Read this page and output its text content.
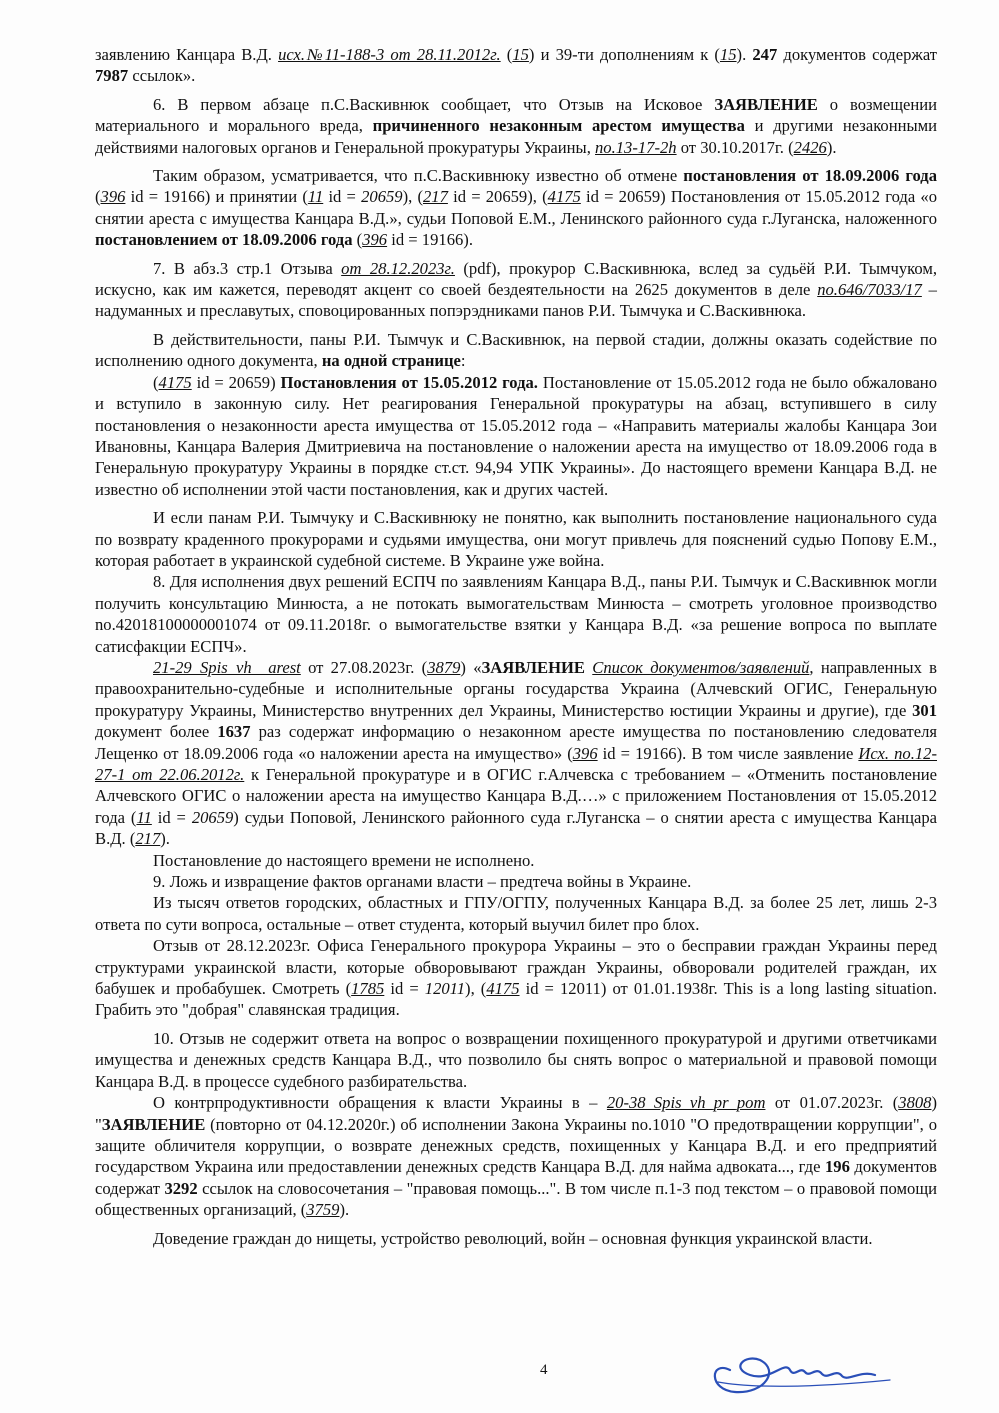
заявлению Канцара В.Д. исх.№11-188-3 от 28.11.2012г. (15) и 39-ти дополнениям к (15). 247 документов содержат 7987 ссылок».

6. В первом абзаце п.С.Васкивнюк сообщает, что Отзыв на Исковое ЗАЯВЛЕНИЕ о возмещении материального и морального вреда, причиненного незаконным арестом имущества и другими незаконными действиями налоговых органов и Генеральной прокуратуры Украины, по.13-17-2h от 30.10.2017г. (2426).

Таким образом, усматривается, что п.С.Васкивнюку известно об отмене постановления от 18.09.2006 года (396 id = 19166) и принятии (11 id = 20659), (217 id = 20659), (4175 id = 20659) Постановления от 15.05.2012 года «о снятии ареста с имущества Канцара В.Д.», судьи Поповой Е.М., Ленинского районного суда г.Луганска, наложенного постановлением от 18.09.2006 года (396 id = 19166).

7. В абз.3 стр.1 Отзыва от 28.12.2023г. (pdf), прокурор С.Васкивнюка, вслед за судьёй Р.И. Тымчуком, искусно, как им кажется, переводят акцент со своей бездеятельности на 2625 документов в деле по.646/7033/17 – надуманных и преславутых, сповоцированных попэрэдниками панов Р.И. Тымчука и С.Васкивнюка.

В действительности, паны Р.И. Тымчук и С.Васкивнюк, на первой стадии, должны оказать содействие по исполнению одного документа, на одной странице:

(4175 id = 20659) Постановления от 15.05.2012 года. Постановление от 15.05.2012 года не было обжаловано и вступило в законную силу. Нет реагирования Генеральной прокуратуры на абзац, вступившего в силу постановления о незаконности ареста имущества от 15.05.2012 года – «Направить материалы жалобы Канцара Зои Ивановны, Канцара Валерия Дмитриевича на постановление о наложении ареста на имущество от 18.09.2006 года в Генеральную прокуратуру Украины в порядке ст.ст. 94,94 УПК Украины». До настоящего времени Канцара В.Д. не известно об исполнении этой части постановления, как и других частей.

И если панам Р.И. Тымчуку и С.Васкивнюку не понятно, как выполнить постановление национального суда по возврату краденного прокурорами и судьями имущества, они могут привлечь для пояснений судью Попову Е.М., которая работает в украинской судебной системе. В Украине уже война.

8. Для исполнения двух решений ЕСПЧ по заявлениям Канцара В.Д., паны Р.И. Тымчук и С.Васкивнюк могли получить консультацию Минюста, а не потокать вымогательствам Минюста – смотреть уголовное производство no.42018100000001074 от 09.11.2018г. о вымогательстве взятки у Канцара В.Д. «за решение вопроса по выплате сатисфакции ЕСПЧ».

21-29_Spis_vh__arest от 27.08.2023г. (3879) «ЗАЯВЛЕНИЕ Список документов/заявлений, направленных в правоохранительно-судебные и исполнительные органы государства Украина (Алчевский ОГИС, Генеральную прокуратуру Украины, Министерство внутренних дел Украины, Министерство юстиции Украины и другие), где 301 документ более 1637 раз содержат информацию о незаконном аресте имущества по постановлению следователя Лещенко от 18.09.2006 года «о наложении ареста на имущество» (396 id = 19166). В том числе заявление Исх. по.12-27-1 от 22.06.2012г. к Генеральной прокуратуре и в ОГИС г.Алчевска с требованием – «Отменить постановление Алчевского ОГИС о наложении ареста на имущество Канцара В.Д.…» с приложением Постановления от 15.05.2012 года (11 id = 20659) судьи Поповой, Ленинского районного суда г.Луганска – о снятии ареста с имущества Канцара В.Д. (217).

Постановление до настоящего времени не исполнено.

9. Ложь и извращение фактов органами власти – предтеча войны в Украине.

Из тысяч ответов городских, областных и ГПУ/ОГПУ, полученных Канцара В.Д. за более 25 лет, лишь 2-3 ответа по сути вопроса, остальные – ответ студента, который выучил билет про блох.

Отзыв от 28.12.2023г. Офиса Генерального прокурора Украины – это о бесправии граждан Украины перед структурами украинской власти, которые обворовывают граждан Украины, обворовали родителей граждан, их бабушек и пробабушек. Смотреть (1785 id = 12011), (4175 id = 12011) от 01.01.1938г. This is a long lasting situation. Грабить это "добрая" славянская традиция.

10. Отзыв не содержит ответа на вопрос о возвращении похищенного прокуратурой и другими ответчиками имущества и денежных средств Канцара В.Д., что позволило бы снять вопрос о материальной и правовой помощи Канцара В.Д. в процессе судебного разбирательства.

О контрпродуктивности обращения к власти Украины в – 20-38_Spis_vh_pr_pom от 01.07.2023г. (3808) "ЗАЯВЛЕНИЕ (повторно от 04.12.2020г.) об исполнении Закона Украины no.1010 "О предотвращении коррупции", о защите обличителя коррупции, о возврате денежных средств, похищенных у Канцара В.Д. и его предприятий государством Украина или предоставлении денежных средств Канцара В.Д. для найма адвоката..., где 196 документов содержат 3292 ссылок на словосочетания – "правовая помощь...". В том числе п.1-3 под текстом – о правовой помощи общественных организаций, (3759).

Доведение граждан до нищеты, устройство революций, войн – основная функция украинской власти.

4
